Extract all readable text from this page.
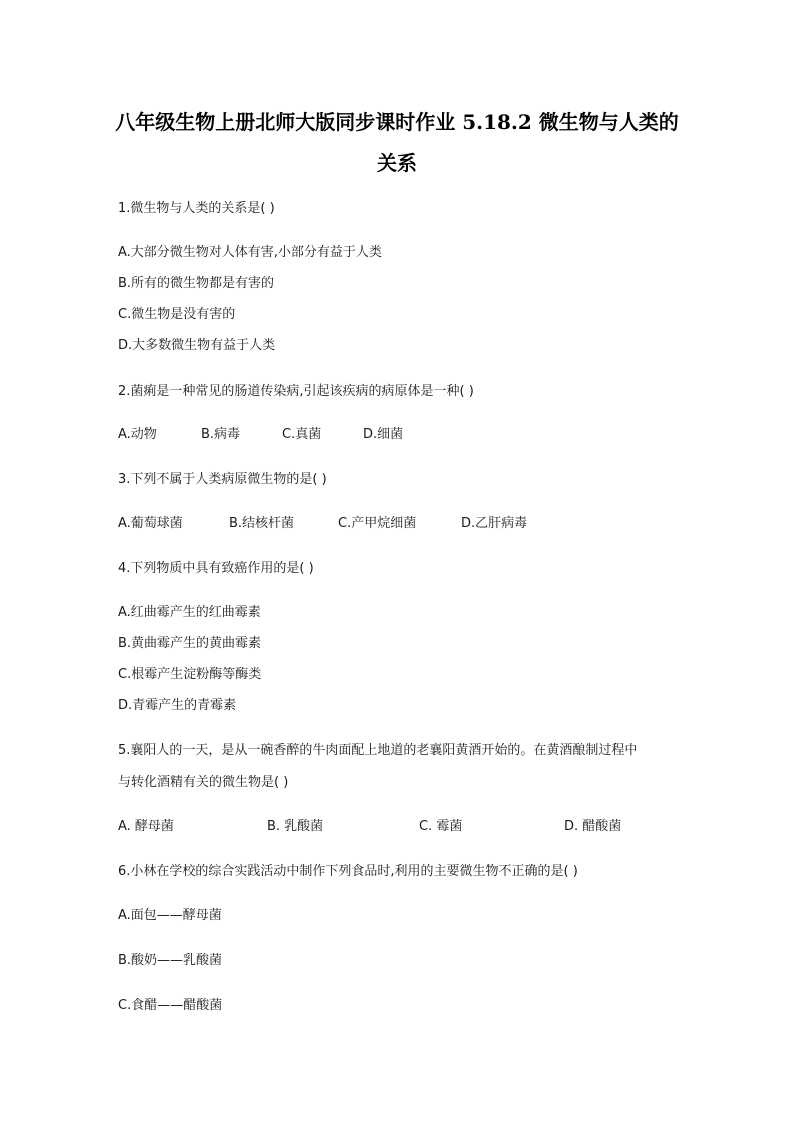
八年级生物上册北师大版同步课时作业 5.18.2 微生物与人类的
关系
1.微生物与人类的关系是( )
A.大部分微生物对人体有害,小部分有益于人类
B.所有的微生物都是有害的
C.微生物是没有害的
D.大多数微生物有益于人类
2.菌痢是一种常见的肠道传染病,引起该疾病的病原体是一种( )
A.动物	B.病毒	C.真菌	D.细菌
3.下列不属于人类病原微生物的是( )
A.葡萄球菌	B.结核杆菌	C.产甲烷细菌	D.乙肝病毒
4.下列物质中具有致癌作用的是( )
A.红曲霉产生的红曲霉素
B.黄曲霉产生的黄曲霉素
C.根霉产生淀粉酶等酶类
D.青霉产生的青霉素
5.襄阳人的一天，是从一碗香醉的牛肉面配上地道的老襄阳黄酒开始的。在黄酒酿制过程中
与转化酒精有关的微生物是( )
A. 酵母菌	B. 乳酸菌	C. 霉菌	D. 醋酸菌
6.小林在学校的综合实践活动中制作下列食品时,利用的主要微生物不正确的是( )
A.面包——酵母菌
B.酸奶——乳酸菌
C.食醋——醋酸菌
